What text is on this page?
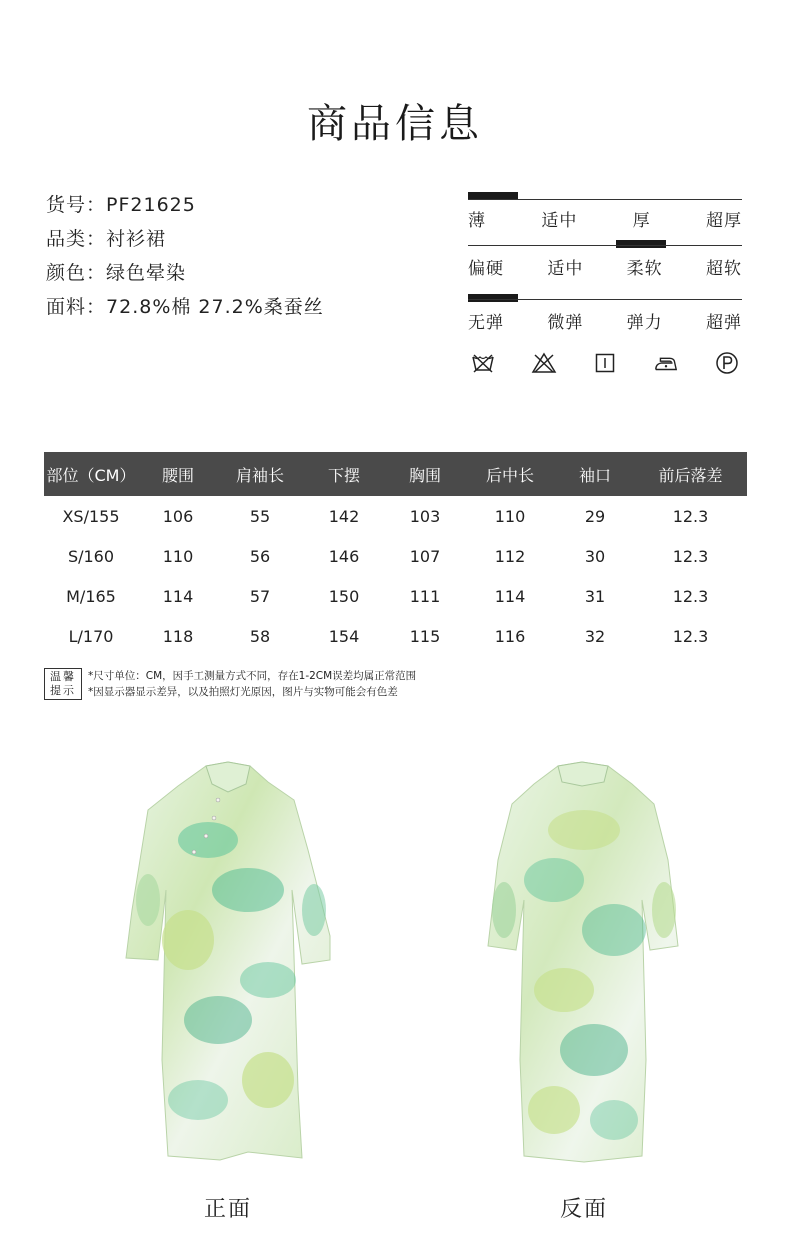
商品信息
货号：PF21625
品类：衬衫裙
颜色：绿色晕染
面料：72.8%棉 27.2%桑蚕丝
薄	适中	厚	超厚
偏硬	适中	柔软	超软
无弹	微弹	弹力	超弹
部位（CM）	腰围	肩袖长	下摆	胸围	后中长	袖口	前后落差
XS/155	106	55	142	103	110	29	12.3
S/160	110	56	146	107	112	30	12.3
M/165	114	57	150	111	114	31	12.3
L/170	118	58	154	115	116	32	12.3
温馨
提示
*尺寸单位：CM，因手工测量方式不同，存在1-2CM误差均属正常范围
*因显示器显示差异，以及拍照灯光原因，图片与实物可能会有色差
正面	反面
